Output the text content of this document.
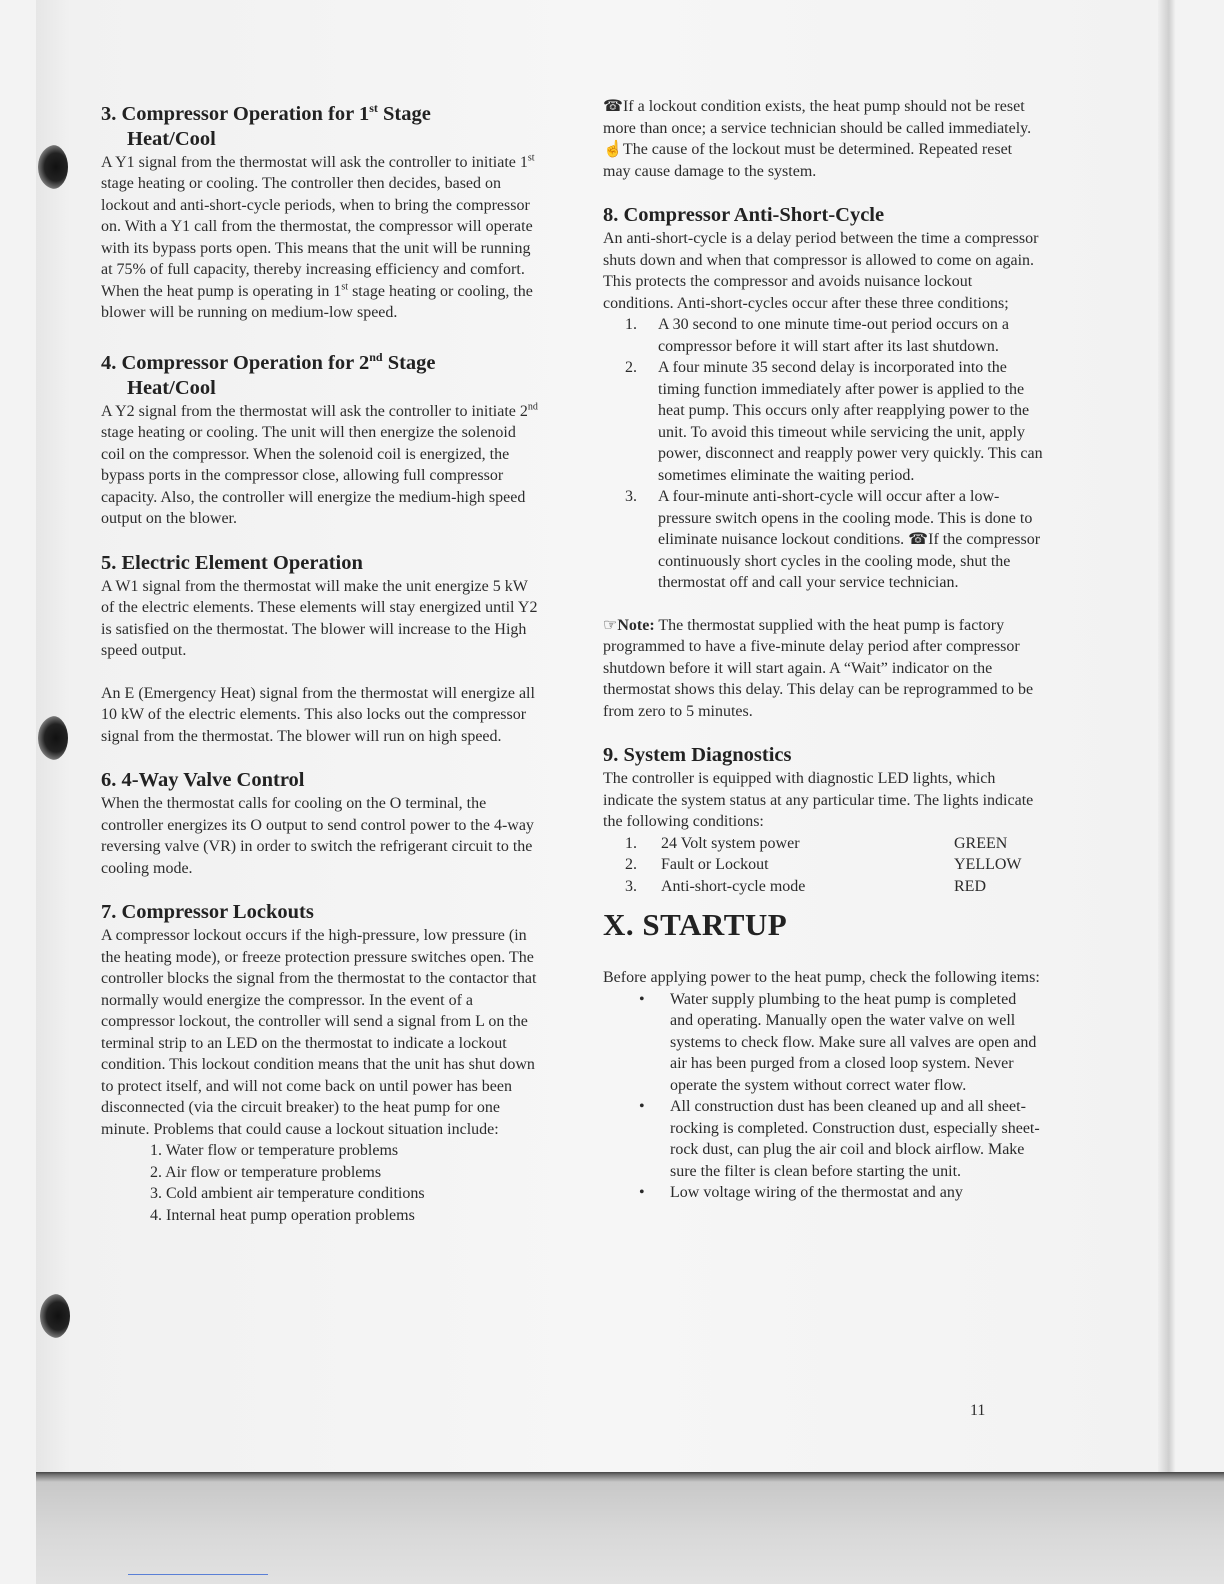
3. Compressor Operation for 1st Stage
Heat/Cool

A Y1 signal from the thermostat will ask the controller to initiate 1st stage heating or cooling. The controller then decides, based on lockout and anti-short-cycle periods, when to bring the compressor on. With a Y1 call from the thermostat, the compressor will operate with its bypass ports open. This means that the unit will be running at 75% of full capacity, thereby increasing efficiency and comfort. When the heat pump is operating in 1st stage heating or cooling, the blower will be running on medium-low speed.

4. Compressor Operation for 2nd Stage
Heat/Cool

A Y2 signal from the thermostat will ask the controller to initiate 2nd stage heating or cooling. The unit will then energize the solenoid coil on the compressor. When the solenoid coil is energized, the bypass ports in the compressor close, allowing full compressor capacity. Also, the controller will energize the medium-high speed output on the blower.

5. Electric Element Operation

A W1 signal from the thermostat will make the unit energize 5 kW of the electric elements. These elements will stay energized until Y2 is satisfied on the thermostat. The blower will increase to the High speed output.

An E (Emergency Heat) signal from the thermostat will energize all 10 kW of the electric elements. This also locks out the compressor signal from the thermostat. The blower will run on high speed.

6. 4-Way Valve Control

When the thermostat calls for cooling on the O terminal, the controller energizes its O output to send control power to the 4-way reversing valve (VR) in order to switch the refrigerant circuit to the cooling mode.

7. Compressor Lockouts

A compressor lockout occurs if the high-pressure, low pressure (in the heating mode), or freeze protection pressure switches open. The controller blocks the signal from the thermostat to the contactor that normally would energize the compressor. In the event of a compressor lockout, the controller will send a signal from L on the terminal strip to an LED on the thermostat to indicate a lockout condition. This lockout condition means that the unit has shut down to protect itself, and will not come back on until power has been disconnected (via the circuit breaker) to the heat pump for one minute. Problems that could cause a lockout situation include:

1. Water flow or temperature problems
2. Air flow or temperature problems
3. Cold ambient air temperature conditions
4. Internal heat pump operation problems

☎If a lockout condition exists, the heat pump should not be reset more than once; a service technician should be called immediately. ☝The cause of the lockout must be determined. Repeated reset may cause damage to the system.

8. Compressor Anti-Short-Cycle

An anti-short-cycle is a delay period between the time a compressor shuts down and when that compressor is allowed to come on again. This protects the compressor and avoids nuisance lockout conditions. Anti-short-cycles occur after these three conditions;

1. A 30 second to one minute time-out period occurs on a compressor before it will start after its last shutdown.
2. A four minute 35 second delay is incorporated into the timing function immediately after power is applied to the heat pump. This occurs only after reapplying power to the unit. To avoid this timeout while servicing the unit, apply power, disconnect and reapply power very quickly. This can sometimes eliminate the waiting period.
3. A four-minute anti-short-cycle will occur after a low-pressure switch opens in the cooling mode. This is done to eliminate nuisance lockout conditions. ☎If the compressor continuously short cycles in the cooling mode, shut the thermostat off and call your service technician.

☞Note: The thermostat supplied with the heat pump is factory programmed to have a five-minute delay period after compressor shutdown before it will start again. A “Wait” indicator on the thermostat shows this delay. This delay can be reprogrammed to be from zero to 5 minutes.

9. System Diagnostics

The controller is equipped with diagnostic LED lights, which indicate the system status at any particular time. The lights indicate the following conditions:

1. 24 Volt system power	GREEN
2. Fault or Lockout	YELLOW
3. Anti-short-cycle mode	RED
X. STARTUP

Before applying power to the heat pump, check the following items:

• Water supply plumbing to the heat pump is completed and operating. Manually open the water valve on well systems to check flow. Make sure all valves are open and air has been purged from a closed loop system. Never operate the system without correct water flow.
• All construction dust has been cleaned up and all sheet-rocking is completed. Construction dust, especially sheet-rock dust, can plug the air coil and block airflow. Make sure the filter is clean before starting the unit.
• Low voltage wiring of the thermostat and any
11
